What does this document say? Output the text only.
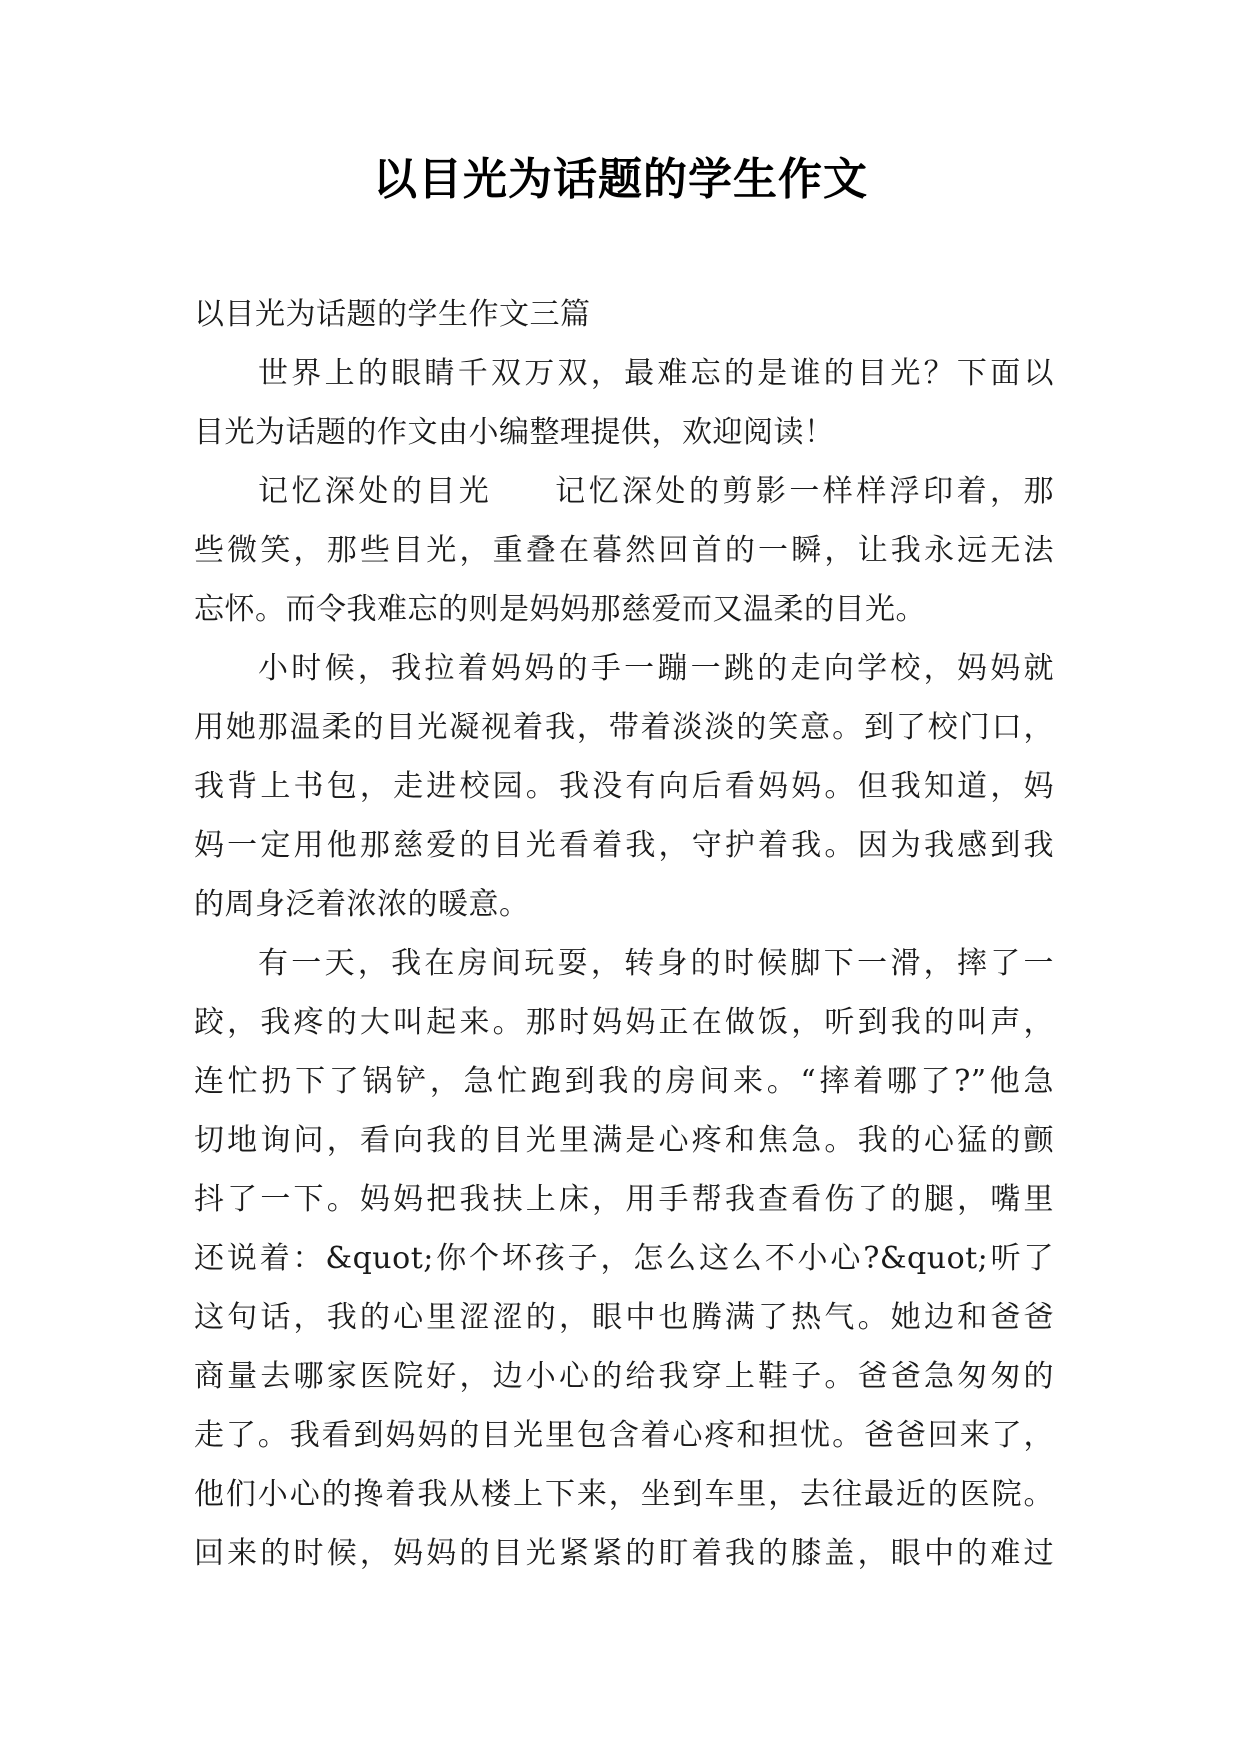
以目光为话题的学生作文
以目光为话题的学生作文三篇
世界上的眼睛千双万双，最难忘的是谁的目光？下面以
目光为话题的作文由小编整理提供，欢迎阅读！
记忆深处的目光 记忆深处的剪影一样样浮印着，那
些微笑，那些目光，重叠在暮然回首的一瞬，让我永远无法
忘怀。而令我难忘的则是妈妈那慈爱而又温柔的目光。
小时候，我拉着妈妈的手一蹦一跳的走向学校，妈妈就
用她那温柔的目光凝视着我，带着淡淡的笑意。到了校门口，
我背上书包，走进校园。我没有向后看妈妈。但我知道，妈
妈一定用他那慈爱的目光看着我，守护着我。因为我感到我
的周身泛着浓浓的暖意。
有一天，我在房间玩耍，转身的时候脚下一滑，摔了一
跤，我疼的大叫起来。那时妈妈正在做饭，听到我的叫声，
连忙扔下了锅铲，急忙跑到我的房间来。“摔着哪了?”他急
切地询问，看向我的目光里满是心疼和焦急。我的心猛的颤
抖了一下。妈妈把我扶上床，用手帮我查看伤了的腿，嘴里
还说着：&quot;你个坏孩子，怎么这么不小心?&quot;听了
这句话，我的心里涩涩的，眼中也腾满了热气。她边和爸爸
商量去哪家医院好，边小心的给我穿上鞋子。爸爸急匆匆的
走了。我看到妈妈的目光里包含着心疼和担忧。爸爸回来了，
他们小心的搀着我从楼上下来，坐到车里，去往最近的医院。
回来的时候，妈妈的目光紧紧的盯着我的膝盖，眼中的难过
